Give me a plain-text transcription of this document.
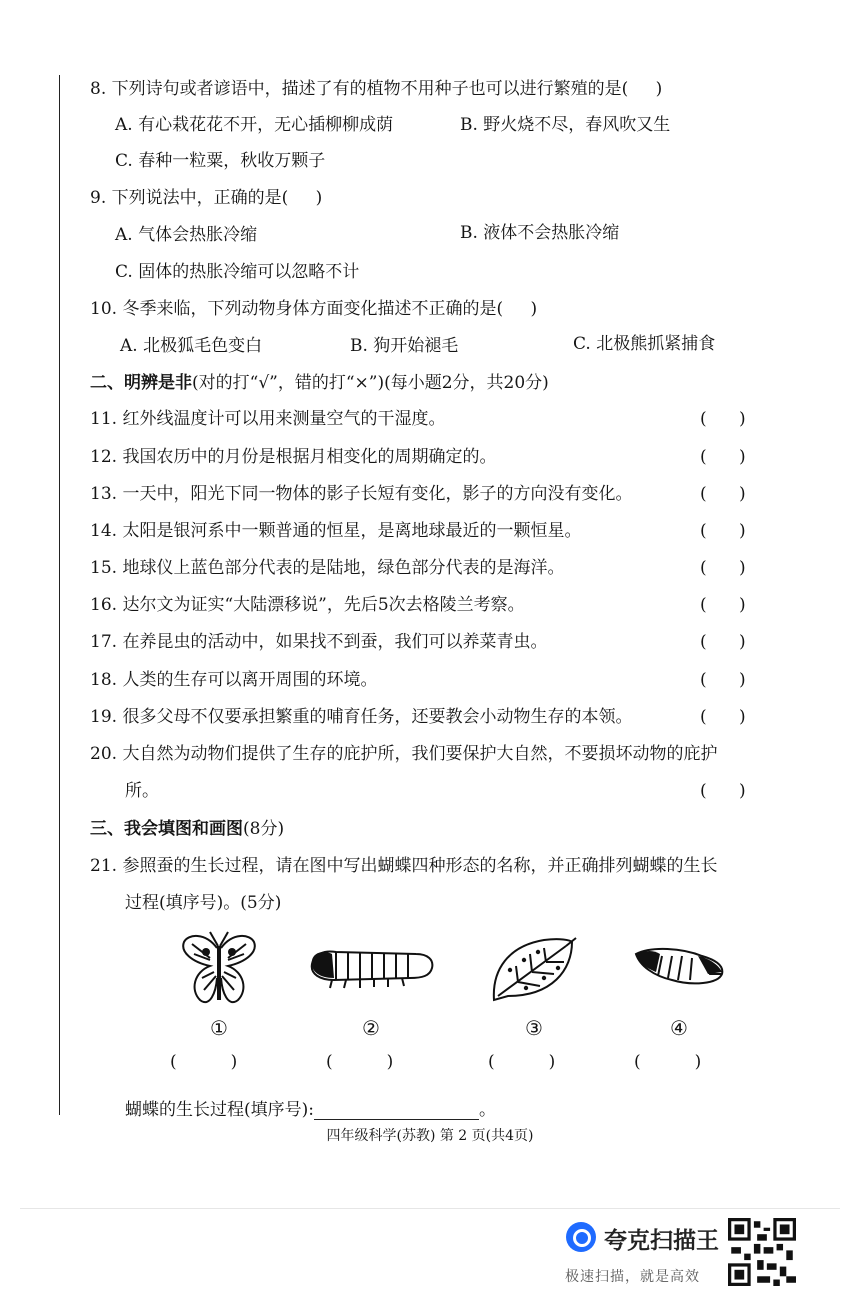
8. 下列诗句或者谚语中，描述了有的植物不用种子也可以进行繁殖的是( )
A. 有心栽花花不开，无心插柳柳成荫	B. 野火烧不尽，春风吹又生
C. 春种一粒粟，秋收万颗子
9. 下列说法中，正确的是( )
A. 气体会热胀冷缩	B. 液体不会热胀冷缩
C. 固体的热胀冷缩可以忽略不计
10. 冬季来临，下列动物身体方面变化描述不正确的是( )
A. 北极狐毛色变白	B. 狗开始褪毛	C. 北极熊抓紧捕食
二、明辨是非(对的打“√”，错的打“×”)(每小题2分，共20分)
11. 红外线温度计可以用来测量空气的干湿度。	(      )
12. 我国农历中的月份是根据月相变化的周期确定的。	(      )
13. 一天中，阳光下同一物体的影子长短有变化，影子的方向没有变化。	(      )
14. 太阳是银河系中一颗普通的恒星，是离地球最近的一颗恒星。	(      )
15. 地球仪上蓝色部分代表的是陆地，绿色部分代表的是海洋。	(      )
16. 达尔文为证实“大陆漂移说”，先后5次去格陵兰考察。	(      )
17. 在养昆虫的活动中，如果找不到蚕，我们可以养菜青虫。	(      )
18. 人类的生存可以离开周围的环境。	(      )
19. 很多父母不仅要承担繁重的哺育任务，还要教会小动物生存的本领。	(      )
20. 大自然为动物们提供了生存的庇护所，我们要保护大自然，不要损坏动物的庇护
所。	(      )
三、我会填图和画图(8分)
21. 参照蚕的生长过程，请在图中写出蝴蝶四种形态的名称，并正确排列蝴蝶的生长
过程(填序号)。(5分)
①	②	③	④
(          )	(          )	(          )	(          )
蝴蝶的生长过程(填序号):	。
四年级科学(苏教) 第 2 页(共4页)
夸克扫描王
极速扫描，就是高效
